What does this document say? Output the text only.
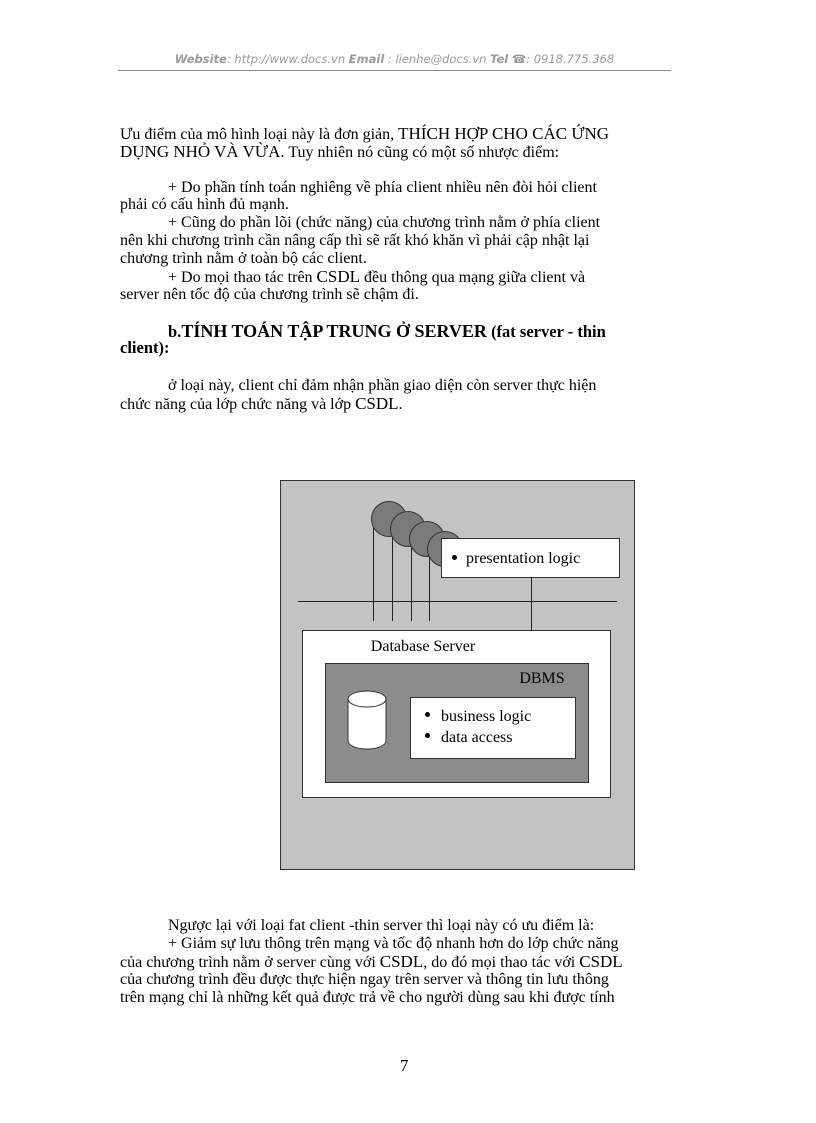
Website: http://www.docs.vn Email : lienhe@docs.vn Tel ☎: 0918.775.368
Ưu điểm của mô hình loại này là đơn giản, THÍCH HỢP CHO CÁC ỨNG
DỤNG NHỎ VÀ VỪA. Tuy nhiên nó cũng có một số nhược điểm:
+ Do phần tính toán nghiêng về phía client nhiều nên đòi hỏi client
phải có cấu hình đủ mạnh.
+ Cũng do phần lõi (chức năng) của chương trình nằm ở phía client
nên khi chương trình cần nâng cấp thì sẽ rất khó khăn vì phải cập nhật lại
chương trình nằm ở toàn bộ các client.
+ Do mọi thao tác trên CSDL đều thông qua mạng giữa client và
server nên tốc độ của chương trình sẽ chậm đi.
b.TÍNH TOÁN TẬP TRUNG Ở SERVER (fat server - thin
client):
ở loại này, client chỉ đảm nhận phần giao diện còn server thực hiện
chức năng của lớp chức năng và lớp CSDL.
presentation logic
Database Server
DBMS
business logic
data access
Ngược lại với loại fat client -thin server thì loại này có ưu điểm là:
+ Giảm sự lưu thông trên mạng và tốc độ nhanh hơn do lớp chức năng
của chương trình nằm ở server cùng với CSDL, do đó mọi thao tác với CSDL
của chương trình đều được thực hiện ngay trên server và thông tin lưu thông
trên mạng chỉ là những kết quả được trả về cho người dùng sau khi được tính
7
